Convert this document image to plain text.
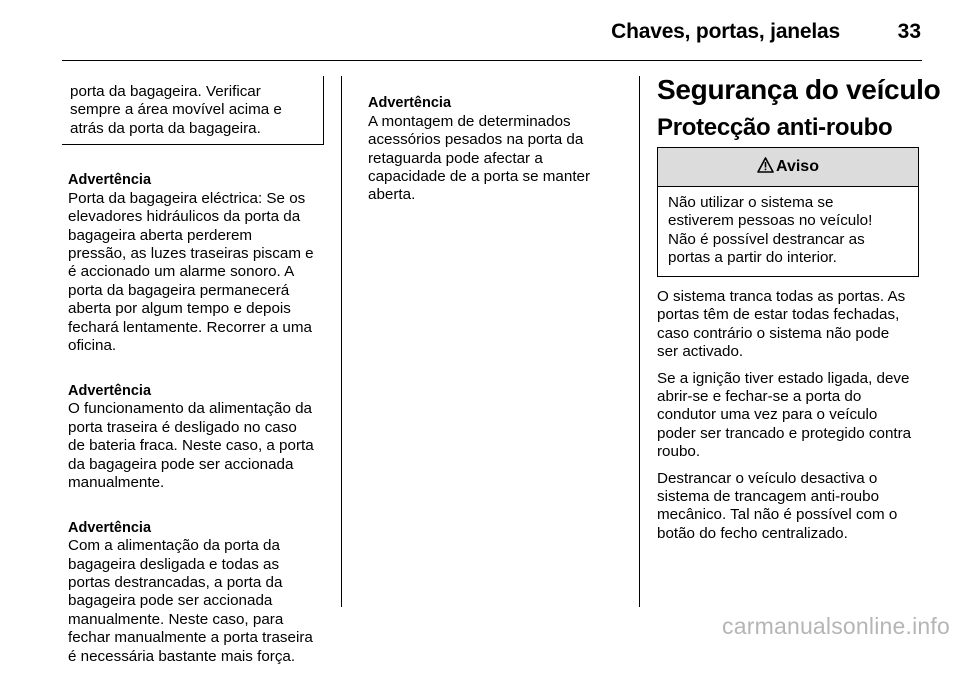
Chaves, portas, janelas	33
porta da bagageira. Verificar
sempre a área movível acima e
atrás da porta da bagageira.

Advertência
Porta da bagageira eléctrica: Se os
elevadores hidráulicos da porta da
bagageira aberta perderem
pressão, as luzes traseiras piscam e
é accionado um alarme sonoro. A
porta da bagageira permanecerá
aberta por algum tempo e depois
fechará lentamente. Recorrer a uma
oficina.

Advertência
O funcionamento da alimentação da
porta traseira é desligado no caso
de bateria fraca. Neste caso, a porta
da bagageira pode ser accionada
manualmente.

Advertência
Com a alimentação da porta da
bagageira desligada e todas as
portas destrancadas, a porta da
bagageira pode ser accionada
manualmente. Neste caso, para
fechar manualmente a porta traseira
é necessária bastante mais força.

Advertência
A montagem de determinados
acessórios pesados na porta da
retaguarda pode afectar a
capacidade de a porta se manter
aberta.

Segurança do veículo
Protecção anti-roubo
Aviso
Não utilizar o sistema se
estiverem pessoas no veículo!
Não é possível destrancar as
portas a partir do interior.

O sistema tranca todas as portas. As
portas têm de estar todas fechadas,
caso contrário o sistema não pode
ser activado.

Se a ignição tiver estado ligada, deve
abrir-se e fechar-se a porta do
condutor uma vez para o veículo
poder ser trancado e protegido contra
roubo.

Destrancar o veículo desactiva o
sistema de trancagem anti-roubo
mecânico. Tal não é possível com o
botão do fecho centralizado.

carmanualsonline.info
